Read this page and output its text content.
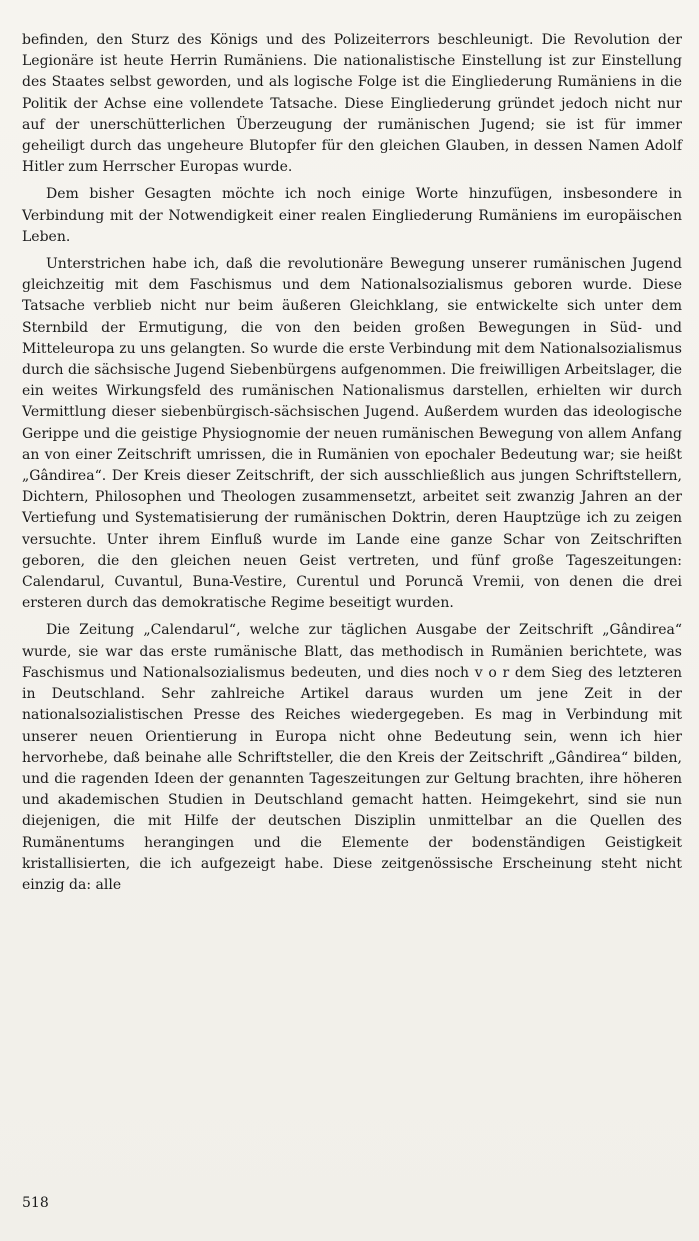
befinden, den Sturz des Königs und des Polizeiterrors beschleunigt. Die Revolution der Legionäre ist heute Herrin Rumäniens. Die nationalistische Einstellung ist zur Einstellung des Staates selbst geworden, und als logische Folge ist die Eingliederung Rumäniens in die Politik der Achse eine vollendete Tatsache. Diese Eingliederung gründet jedoch nicht nur auf der unerschütterlichen Überzeugung der rumänischen Jugend; sie ist für immer geheiligt durch das ungeheure Blutopfer für den gleichen Glauben, in dessen Namen Adolf Hitler zum Herrscher Europas wurde.

Dem bisher Gesagten möchte ich noch einige Worte hinzufügen, insbesondere in Verbindung mit der Notwendigkeit einer realen Eingliederung Rumäniens im europäischen Leben.

Unterstrichen habe ich, daß die revolutionäre Bewegung unserer rumänischen Jugend gleichzeitig mit dem Faschismus und dem Nationalsozialismus geboren wurde. Diese Tatsache verblieb nicht nur beim äußeren Gleichklang, sie entwickelte sich unter dem Sternbild der Ermutigung, die von den beiden großen Bewegungen in Süd- und Mitteleuropa zu uns gelangten. So wurde die erste Verbindung mit dem Nationalsozialismus durch die sächsische Jugend Siebenbürgens aufgenommen. Die freiwilligen Arbeitslager, die ein weites Wirkungsfeld des rumänischen Nationalismus darstellen, erhielten wir durch Vermittlung dieser siebenbürgisch-sächsischen Jugend. Außerdem wurden das ideologische Gerippe und die geistige Physiognomie der neuen rumänischen Bewegung von allem Anfang an von einer Zeitschrift umrissen, die in Rumänien von epochaler Bedeutung war; sie heißt „Gândirea“. Der Kreis dieser Zeitschrift, der sich ausschließlich aus jungen Schriftstellern, Dichtern, Philosophen und Theologen zusammensetzt, arbeitet seit zwanzig Jahren an der Vertiefung und Systematisierung der rumänischen Doktrin, deren Hauptzüge ich zu zeigen versuchte. Unter ihrem Einfluß wurde im Lande eine ganze Schar von Zeitschriften geboren, die den gleichen neuen Geist vertreten, und fünf große Tageszeitungen: Calendarul, Cuvantul, Buna-Vestire, Curentul und Poruncă Vremii, von denen die drei ersteren durch das demokratische Regime beseitigt wurden.

Die Zeitung „Calendarul“, welche zur täglichen Ausgabe der Zeitschrift „Gândirea“ wurde, sie war das erste rumänische Blatt, das methodisch in Rumänien berichtete, was Faschismus und Nationalsozialismus bedeuten, und dies noch v o r dem Sieg des letzteren in Deutschland. Sehr zahlreiche Artikel daraus wurden um jene Zeit in der nationalsozialistischen Presse des Reiches wiedergegeben. Es mag in Verbindung mit unserer neuen Orientierung in Europa nicht ohne Bedeutung sein, wenn ich hier hervorhebe, daß beinahe alle Schriftsteller, die den Kreis der Zeitschrift „Gândirea“ bilden, und die ragenden Ideen der genannten Tageszeitungen zur Geltung brachten, ihre höheren und akademischen Studien in Deutschland gemacht hatten. Heimgekehrt, sind sie nun diejenigen, die mit Hilfe der deutschen Disziplin unmittelbar an die Quellen des Rumänentums herangingen und die Elemente der bodenständigen Geistigkeit kristallisierten, die ich aufgezeigt habe. Diese zeitgenössische Erscheinung steht nicht einzig da: alle

518
